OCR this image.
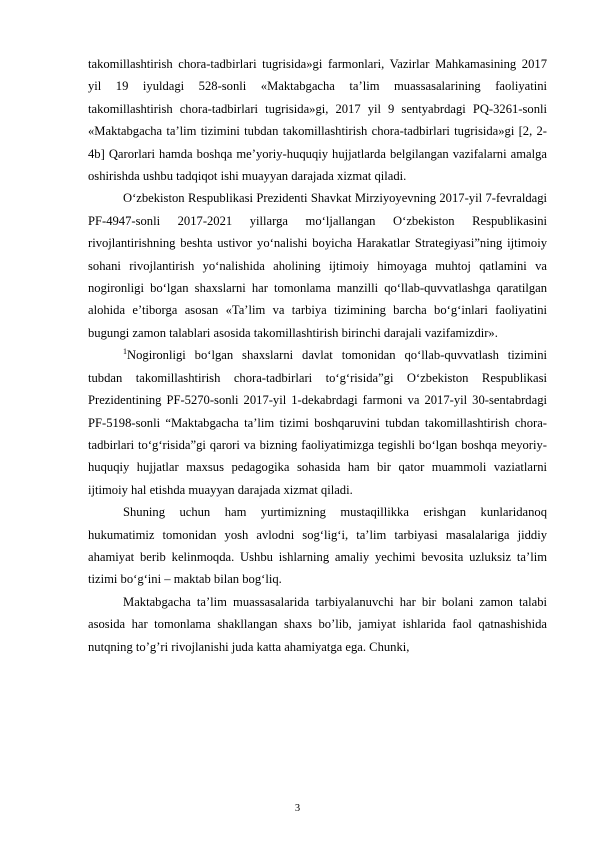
takomillashtirish chora-tadbirlari tugrisida»gi farmonlari, Vazirlar Mahkamasining 2017 yil 19 iyuldagi 528-sonli «Maktabgacha ta’lim muassasalarining faoliyatini takomillashtirish chora-tadbirlari tugrisida»gi, 2017 yil 9 sentyabrdagi PQ-3261-sonli «Maktabgacha ta’lim tizimini tubdan takomillashtirish chora-tadbirlari tugrisida»gi [2, 2-4b] Qarorlari hamda boshqa me’yoriy-huquqiy hujjatlarda belgilangan vazifalarni amalga oshirishda ushbu tadqiqot ishi muayyan darajada xizmat qiladi.

O‘zbekiston Respublikasi Prezidenti Shavkat Mirziyoyevning 2017-yil 7-fevraldagi PF-4947-sonli 2017-2021 yillarga mo‘ljallangan O‘zbekiston Respublikasini rivojlantirishning beshta ustivor yo‘nalishi boyicha Harakatlar Strategiyasi”ning ijtimoiy sohani rivojlantirish yo‘nalishida aholining ijtimoiy himoyaga muhtoj qatlamini va nogironligi bo‘lgan shaxslarni har tomonlama manzilli qo‘llab-quvvatlashga qaratilgan alohida e’tiborga asosan «Ta’lim va tarbiya tizimining barcha bo‘g‘inlari faoliyatini bugungi zamon talablari asosida takomillashtirish birinchi darajali vazifamizdir».

$^1$Nogironligi bo‘lgan shaxslarni davlat tomonidan qo‘llab-quvvatlash tizimini tubdan takomillashtirish chora-tadbirlari to‘g‘risida”gi O‘zbekiston Respublikasi Prezidentining PF-5270-sonli 2017-yil 1-dekabrdagi farmoni va 2017-yil 30-sentabrdagi PF-5198-sonli “Maktabgacha ta’lim tizimi boshqaruvini tubdan takomillashtirish chora-tadbirlari to‘g‘risida”gi qarori va bizning faoliyatimizga tegishli bo‘lgan boshqa meyoriy-huquqiy hujjatlar maxsus pedagogika sohasida ham bir qator muammoli vaziatlarni ijtimoiy hal etishda muayyan darajada xizmat qiladi.

Shuning uchun ham yurtimizning mustaqillikka erishgan kunlaridanoq hukumatimiz tomonidan yosh avlodni sog‘lig‘i, ta’lim tarbiyasi masalalariga jiddiy ahamiyat berib kelinmoqda. Ushbu ishlarning amaliy yechimi bevosita uzluksiz ta’lim tizimi bo‘g‘ini – maktab bilan bog‘liq.

Maktabgacha ta’lim muassasalarida tarbiyalanuvchi har bir bolani zamon talabi asosida har tomonlama shakllangan shaxs bo’lib, jamiyat ishlarida faol qatnashishida nutqning to’g’ri rivojlanishi juda katta ahamiyatga ega. Chunki,

3
